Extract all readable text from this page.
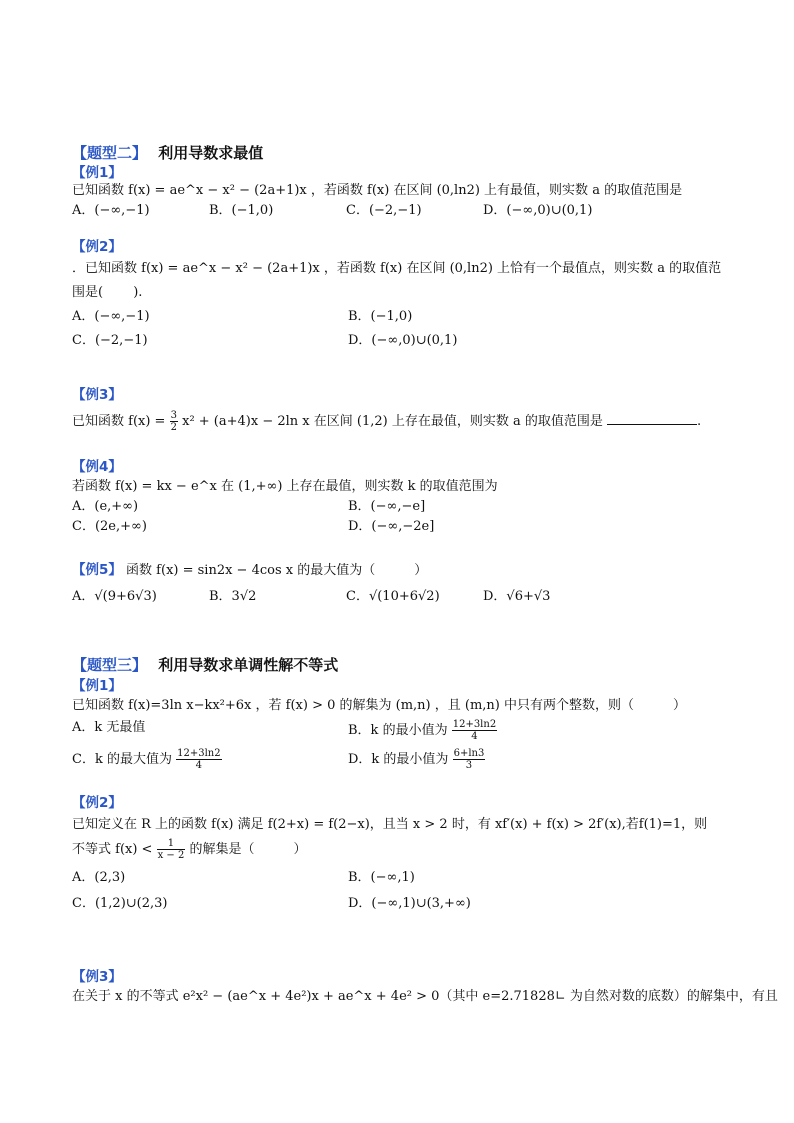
【题型二】 利用导数求最值
【例1】
已知函数 f(x) = ae^x − x² − (2a+1)x ，若函数 f(x) 在区间 (0,ln2) 上有最值，则实数 a 的取值范围是
A．(−∞,−1)	B．(−1,0)	C．(−2,−1)	D．(−∞,0)∪(0,1)
【例2】
．已知函数 f(x) = ae^x − x² − (2a+1)x ，若函数 f(x) 在区间 (0,ln2) 上恰有一个最值点，则实数 a 的取值范
围是(　　 ).
A．(−∞,−1)	B．(−1,0)
C．(−2,−1)	D．(−∞,0)∪(0,1)
【例3】
已知函数 $f(x) = \frac{3}{2} x^2 + (a+4)x - 2\ln$ x 在区间 (1,2) 上存在最值，则实数 a 的取值范围是	.
【例4】
若函数 f(x) = kx − e^x 在 (1,+∞) 上存在最值，则实数 k 的取值范围为
A．(e,+∞)	B．(−∞,−e]
C．(2e,+∞)	D．(−∞,−2e]
【例5】 函数 f(x) = sin2x − 4cos x 的最大值为（　　　）
A．√(9+6√3)	B．3√2	C．√(10+6√2)	D．√6+√3
【题型三】 利用导数求单调性解不等式
【例1】
已知函数 f(x)=3ln x−kx²+6x ，若 f(x) > 0 的解集为 (m,n) ，且 (m,n) 中只有两个整数，则（　　　）
A．k 无最值	B．k 的最小值为 $\frac{12+3\ln 2}{4}$
C．k 的最大值为 $\frac{12+3\ln 2}{4}$	D．k 的最小值为 $\frac{6+\ln 3}{3}$
【例2】
已知定义在 R 上的函数 f(x) 满足 f(2+x) = f(2−x)，且当 x > 2 时，有 xf′(x) + f(x) > 2f′(x),若f(1)=1，则
不等式 $f(x) < \frac{1}{x - 2}$ 的解集是（　　　）
A．(2,3)	B．(−∞,1)
C．(1,2)∪(2,3)	D．(−∞,1)∪(3,+∞)
【例3】
在关于 x 的不等式 e²x² − (ae^x + 4e²)x + ae^x + 4e² > 0（其中 e=2.71828∟ 为自然对数的底数）的解集中，有且
